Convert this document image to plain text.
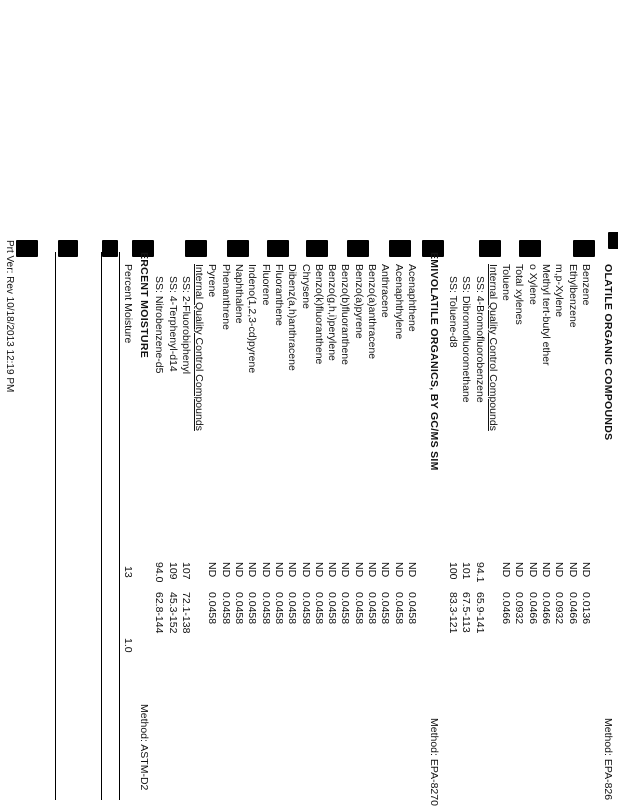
OLATILE ORGANIC COMPOUNDS
Method: EPA-826
Benzene
ND
0.0136
Ethylbenzene
ND
0.0466
m,p-Xylene
ND
0.0932
Methyl tert-butyl ether
ND
0.0466
o Xylene
ND
0.0466
Total xylenes
ND
0.0932
Toluene
ND
0.0466
Internal Quality Control Compounds
SS: 4-Bromofluorobenzene
94.1
65.9-141
SS: Dibromofluoromethane
101
67.5-113
SS: Toluene-d8
100
83.3-121
EMIVOLATILE ORGANICS, BY GC/MS SIM
Method: EPA-8270
Acenaphthene
ND
0.0458
Acenaphthylene
ND
0.0458
Anthracene
ND
0.0458
Benzo(a)anthracene
ND
0.0458
Benzo(a)pyrene
ND
0.0458
Benzo(b)fluoranthene
ND
0.0458
Benzo(g,h,i)perylene
ND
0.0458
Benzo(k)fluoranthene
ND
0.0458
Chrysene
ND
0.0458
Dibenz(a,h)anthracene
ND
0.0458
Fluoranthene
ND
0.0458
Fluorene
ND
0.0458
Indeno(1,2,3-cd)pyrene
ND
0.0458
Naphthalene
ND
0.0458
Phenanthrene
ND
0.0458
Pyrene
ND
0.0458
Internal Quality Control Compounds
SS: 2-Fluorobiphenyl
107
72.1-138
SS: 4-Terphenyl-d14
109
45.3-152
SS: Nitrobenzene-d5
94.0
62.8-144
ERCENT MOISTURE
Method: ASTM-D2
Percent Moisture
13
1.0
Prt Ver: Rev 10/18/2013 12:19 PM
